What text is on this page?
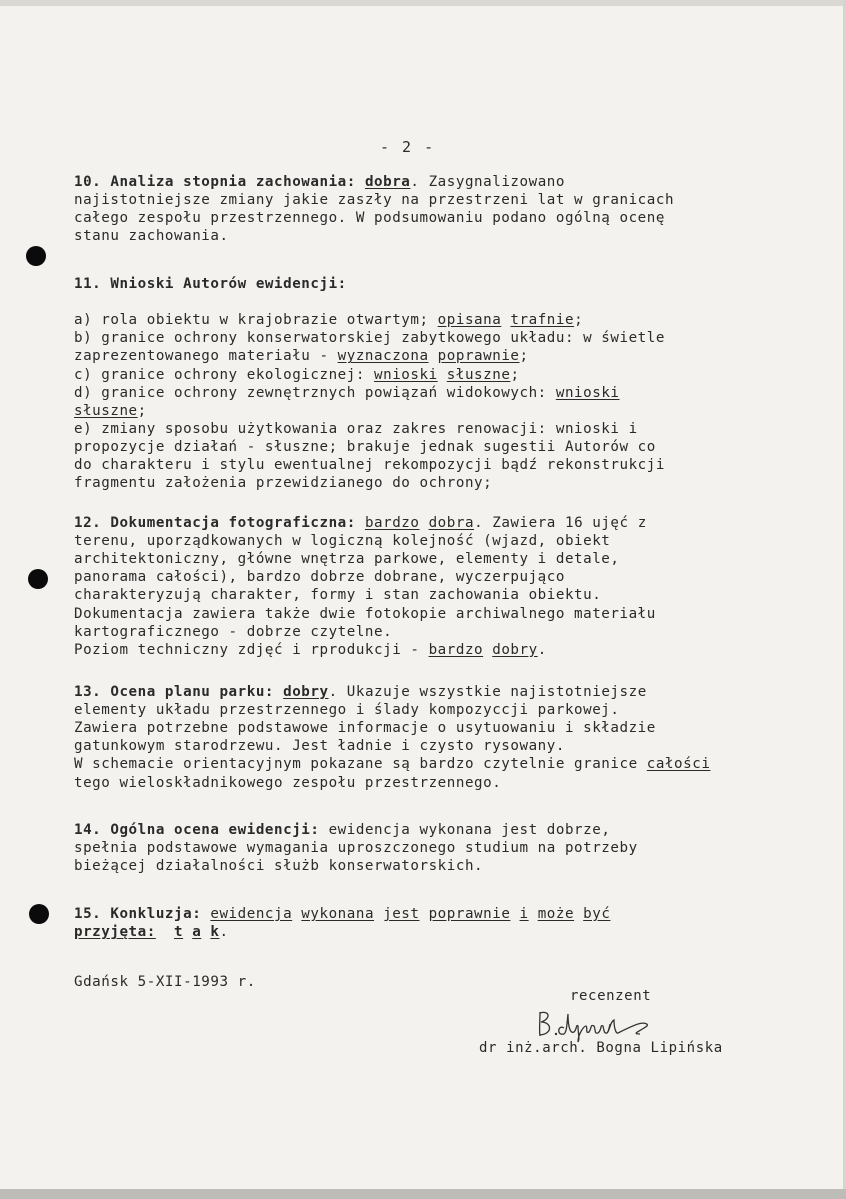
- 2 -
10. Analiza stopnia zachowania: dobra. Zasygnalizowano
najistotniejsze zmiany jakie zaszły na przestrzeni lat w granicach
całego zespołu przestrzennego. W podsumowaniu podano ogólną ocenę
stanu zachowania.
11. Wnioski Autorów ewidencji:
a) rola obiektu w krajobrazie otwartym; opisana trafnie;
b) granice ochrony konserwatorskiej zabytkowego układu: w świetle
zaprezentowanego materiału - wyznaczona poprawnie;
c) granice ochrony ekologicznej: wnioski słuszne;
d) granice ochrony zewnętrznych powiązań widokowych: wnioski
słuszne;
e) zmiany sposobu użytkowania oraz zakres renowacji: wnioski i
propozycje działań - słuszne; brakuje jednak sugestii Autorów co
do charakteru i stylu ewentualnej rekompozycji bądź rekonstrukcji
fragmentu założenia przewidzianego do ochrony;
12. Dokumentacja fotograficzna: bardzo dobra. Zawiera 16 ujęć z
terenu, uporządkowanych w logiczną kolejność (wjazd, obiekt
architektoniczny, główne wnętrza parkowe, elementy i detale,
panorama całości), bardzo dobrze dobrane, wyczerpująco
charakteryzują charakter, formy i stan zachowania obiektu.
Dokumentacja zawiera także dwie fotokopie archiwalnego materiału
kartograficznego - dobrze czytelne.
Poziom techniczny zdjęć i rprodukcji - bardzo dobry.
13. Ocena planu parku: dobry. Ukazuje wszystkie najistotniejsze
elementy układu przestrzennego i ślady kompozyccji parkowej.
Zawiera potrzebne podstawowe informacje o usytuowaniu i składzie
gatunkowym starodrzewu. Jest ładnie i czysto rysowany.
W schemacie orientacyjnym pokazane są bardzo czytelnie granice całości
tego wieloskładnikowego zespołu przestrzennego.
14. Ogólna ocena ewidencji: ewidencja wykonana jest dobrze,
spełnia podstawowe wymagania uproszczonego studium na potrzeby
bieżącej działalności służb konserwatorskich.
15. Konkluzja: ewidencja wykonana jest poprawnie i może być
przyjęta: t a k.
Gdańsk 5-XII-1993 r.
recenzent
dr inż.arch. Bogna Lipińska
